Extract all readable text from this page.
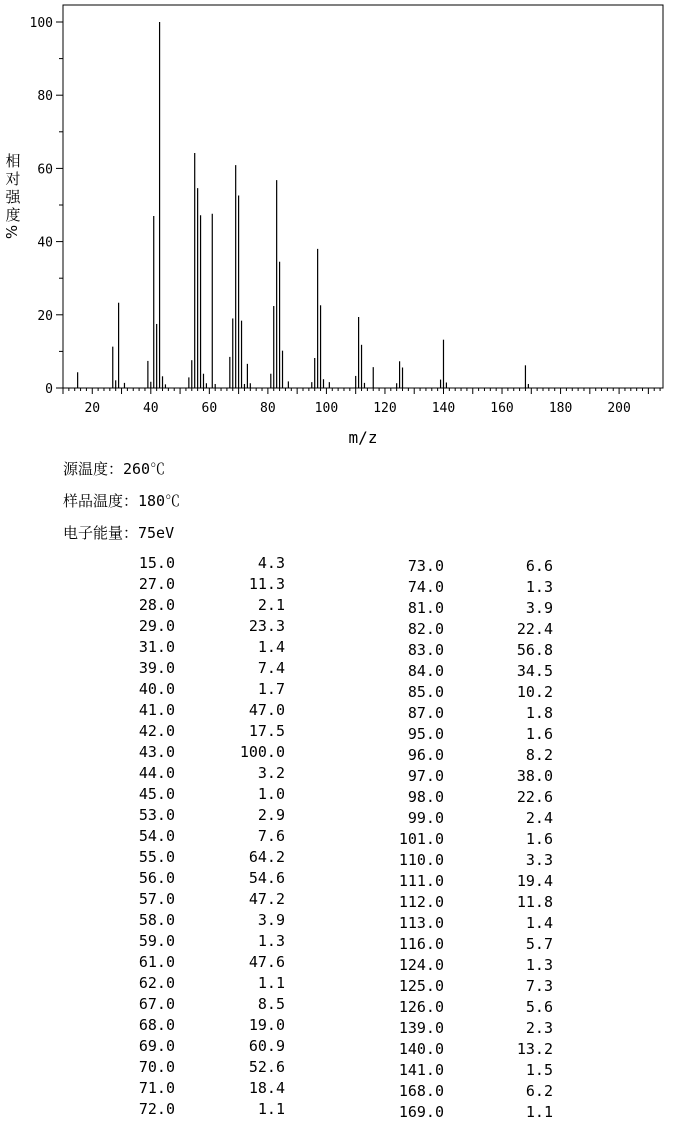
20	40	60	80	100	120	140	160	180	200
0
20
40
60
80
100
m/z
相
对
强
度
%
源温度：260℃
样品温度：180℃
电子能量：75eV
15.0	4.3
27.0	11.3
28.0	2.1
29.0	23.3
31.0	1.4
39.0	7.4
40.0	1.7
41.0	47.0
42.0	17.5
43.0	100.0
44.0	3.2
45.0	1.0
53.0	2.9
54.0	7.6
55.0	64.2
56.0	54.6
57.0	47.2
58.0	3.9
59.0	1.3
61.0	47.6
62.0	1.1
67.0	8.5
68.0	19.0
69.0	60.9
70.0	52.6
71.0	18.4
72.0	1.1
73.0	6.6
74.0	1.3
81.0	3.9
82.0	22.4
83.0	56.8
84.0	34.5
85.0	10.2
87.0	1.8
95.0	1.6
96.0	8.2
97.0	38.0
98.0	22.6
99.0	2.4
101.0	1.6
110.0	3.3
111.0	19.4
112.0	11.8
113.0	1.4
116.0	5.7
124.0	1.3
125.0	7.3
126.0	5.6
139.0	2.3
140.0	13.2
141.0	1.5
168.0	6.2
169.0	1.1
